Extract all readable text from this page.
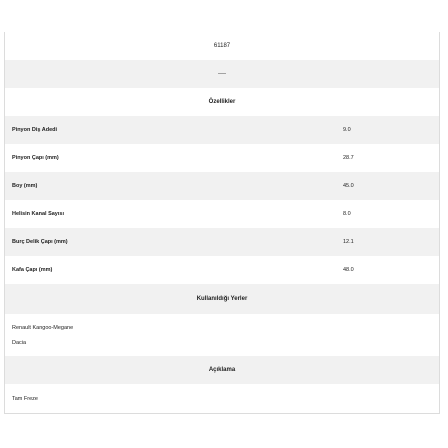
61187
----
Özellikler
Pinyon Diş Adedi	9.0
Pinyon Çapı (mm)	28.7
Boy (mm)	45.0
Helisin Kanal Sayısı	8.0
Burç Delik Çapı (mm)	12.1
Kafa Çapı (mm)	48.0
Kullanıldığı Yerler
Renault Kangoo-Megane
Dacia
Açıklama
Tam Freze
